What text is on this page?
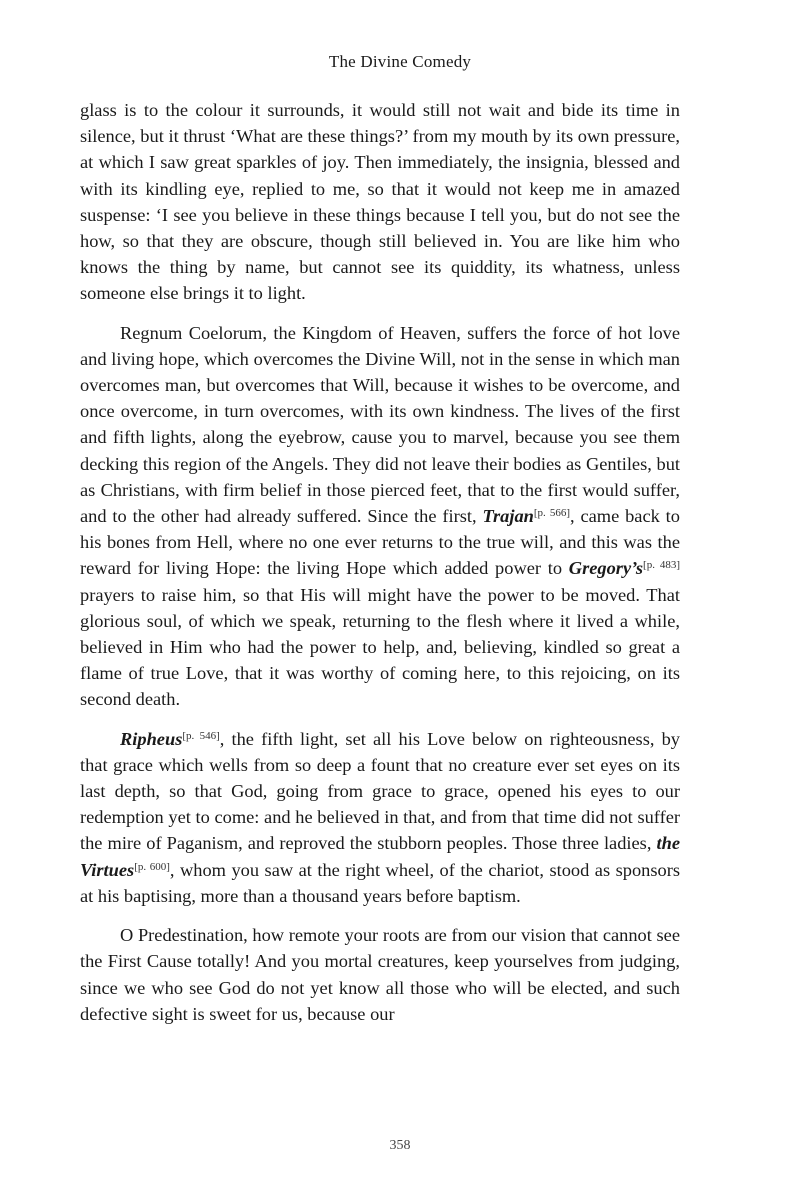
The Divine Comedy

glass is to the colour it surrounds, it would still not wait and bide its time in silence, but it thrust ‘What are these things?’ from my mouth by its own pressure, at which I saw great sparkles of joy. Then immediately, the insignia, blessed and with its kindling eye, replied to me, so that it would not keep me in amazed suspense: ‘I see you believe in these things because I tell you, but do not see the how, so that they are obscure, though still believed in. You are like him who knows the thing by name, but cannot see its quiddity, its whatness, unless someone else brings it to light.

Regnum Coelorum, the Kingdom of Heaven, suffers the force of hot love and living hope, which overcomes the Divine Will, not in the sense in which man overcomes man, but overcomes that Will, because it wishes to be overcome, and once overcome, in turn overcomes, with its own kindness. The lives of the first and fifth lights, along the eyebrow, cause you to marvel, because you see them decking this region of the Angels. They did not leave their bodies as Gentiles, but as Christians, with firm belief in those pierced feet, that to the first would suffer, and to the other had already suffered. Since the first, Trajan[p. 566], came back to his bones from Hell, where no one ever returns to the true will, and this was the reward for living Hope: the living Hope which added power to Gregory’s[p. 483] prayers to raise him, so that His will might have the power to be moved. That glorious soul, of which we speak, returning to the flesh where it lived a while, believed in Him who had the power to help, and, believing, kindled so great a flame of true Love, that it was worthy of coming here, to this rejoicing, on its second death.

Ripheus[p. 546], the fifth light, set all his Love below on righteousness, by that grace which wells from so deep a fount that no creature ever set eyes on its last depth, so that God, going from grace to grace, opened his eyes to our redemption yet to come: and he believed in that, and from that time did not suffer the mire of Paganism, and reproved the stubborn peoples. Those three ladies, the Virtues[p. 600], whom you saw at the right wheel, of the chariot, stood as sponsors at his baptising, more than a thousand years before baptism.

O Predestination, how remote your roots are from our vision that cannot see the First Cause totally! And you mortal creatures, keep yourselves from judging, since we who see God do not yet know all those who will be elected, and such defective sight is sweet for us, because our

358
